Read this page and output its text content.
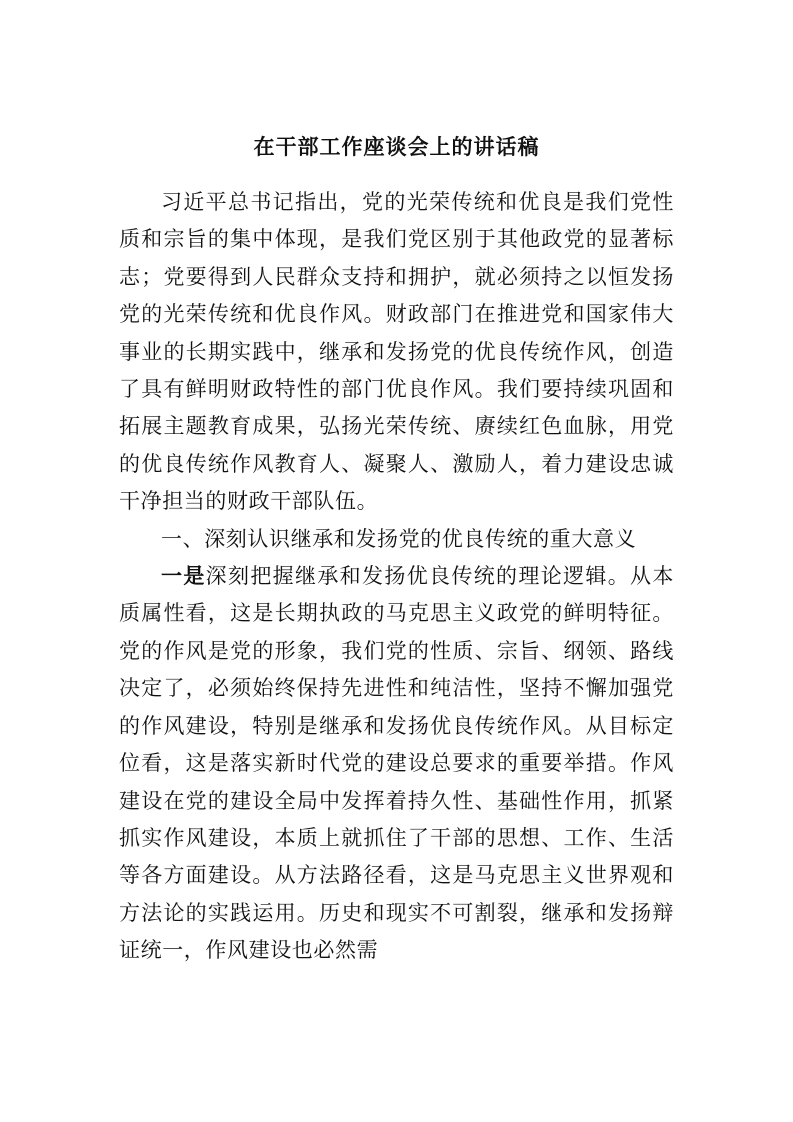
在干部工作座谈会上的讲话稿

习近平总书记指出，党的光荣传统和优良是我们党性质和宗旨的集中体现，是我们党区别于其他政党的显著标志；党要得到人民群众支持和拥护，就必须持之以恒发扬党的光荣传统和优良作风。财政部门在推进党和国家伟大事业的长期实践中，继承和发扬党的优良传统作风，创造了具有鲜明财政特性的部门优良作风。我们要持续巩固和拓展主题教育成果，弘扬光荣传统、赓续红色血脉，用党的优良传统作风教育人、凝聚人、激励人，着力建设忠诚干净担当的财政干部队伍。

一、深刻认识继承和发扬党的优良传统的重大意义

一是深刻把握继承和发扬优良传统的理论逻辑。从本质属性看，这是长期执政的马克思主义政党的鲜明特征。党的作风是党的形象，我们党的性质、宗旨、纲领、路线决定了，必须始终保持先进性和纯洁性，坚持不懈加强党的作风建设，特别是继承和发扬优良传统作风。从目标定位看，这是落实新时代党的建设总要求的重要举措。作风建设在党的建设全局中发挥着持久性、基础性作用，抓紧抓实作风建设，本质上就抓住了干部的思想、工作、生活等各方面建设。从方法路径看，这是马克思主义世界观和方法论的实践运用。历史和现实不可割裂，继承和发扬辩证统一，作风建设也必然需
